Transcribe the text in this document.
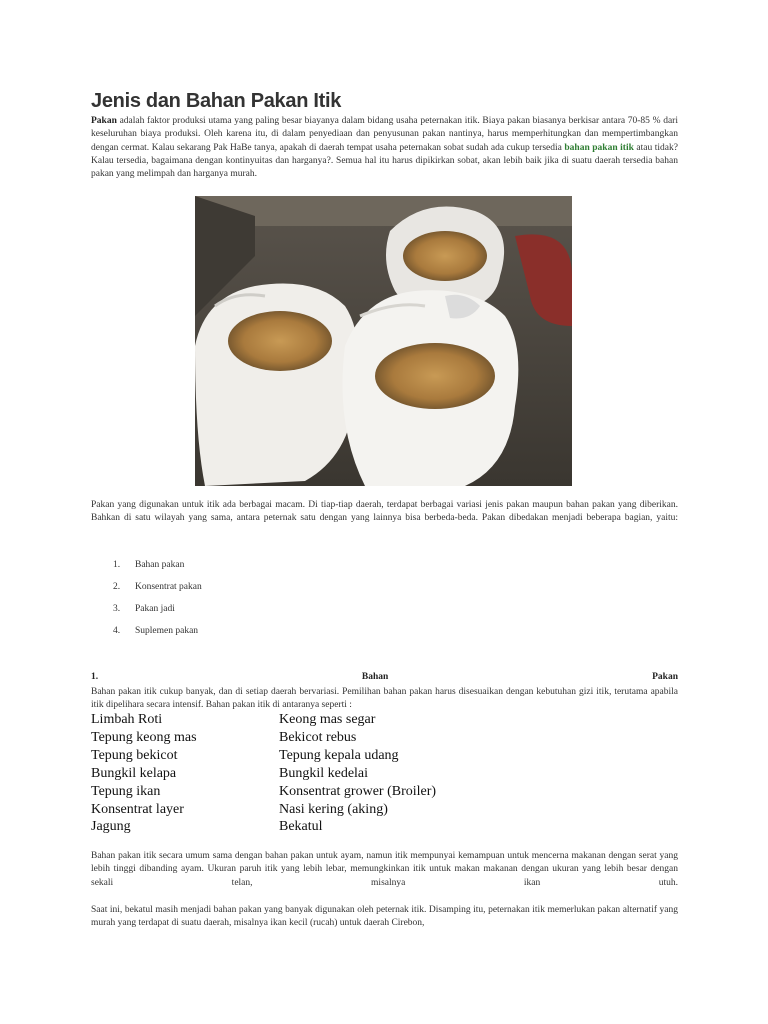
Jenis dan Bahan Pakan Itik

Pakan adalah faktor produksi utama yang paling besar biayanya dalam bidang usaha peternakan itik. Biaya pakan biasanya berkisar antara 70-85 % dari keseluruhan biaya produksi. Oleh karena itu, di dalam penyediaan dan penyusunan pakan nantinya, harus memperhitungkan dan mempertimbangkan dengan cermat. Kalau sekarang Pak HaBe tanya, apakah di daerah tempat usaha peternakan sobat sudah ada cukup tersedia bahan pakan itik atau tidak? Kalau tersedia, bagaimana dengan kontinyuitas dan harganya?. Semua hal itu harus dipikirkan sobat, akan lebih baik jika di suatu daerah tersedia bahan pakan yang melimpah dan harganya murah.

Pakan yang digunakan untuk itik ada berbagai macam. Di tiap-tiap daerah, terdapat berbagai variasi jenis pakan maupun bahan pakan yang diberikan. Bahkan di satu wilayah yang sama, antara peternak satu dengan yang lainnya bisa berbeda-beda. Pakan dibedakan menjadi beberapa bagian, yaitu:

1. Bahan pakan
2. Konsentrat pakan
3. Pakan jadi
4. Suplemen pakan
1.	Bahan	Pakan

Bahan pakan itik cukup banyak, dan di setiap daerah bervariasi. Pemilihan bahan pakan harus disesuaikan dengan kebutuhan gizi itik, terutama apabila itik dipelihara secara intensif. Bahan pakan itik di antaranya seperti :

Limbah Roti	Keong mas segar
Tepung keong mas	Bekicot rebus
Tepung bekicot	Tepung kepala udang
Bungkil kelapa	Bungkil kedelai
Tepung ikan	Konsentrat grower (Broiler)
Konsentrat layer	Nasi kering (aking)
Jagung	Bekatul

Bahan pakan itik secara umum sama dengan bahan pakan untuk ayam, namun itik mempunyai kemampuan untuk mencerna makanan dengan serat yang lebih tinggi dibanding ayam. Ukuran paruh itik yang lebih lebar, memungkinkan itik untuk makan makanan dengan ukuran yang lebih besar dengan sekali telan, misalnya ikan utuh.

Saat ini, bekatul masih menjadi bahan pakan yang banyak digunakan oleh peternak itik. Disamping itu, peternakan itik memerlukan pakan alternatif yang murah yang terdapat di suatu daerah, misalnya ikan kecil (rucah) untuk daerah Cirebon,
